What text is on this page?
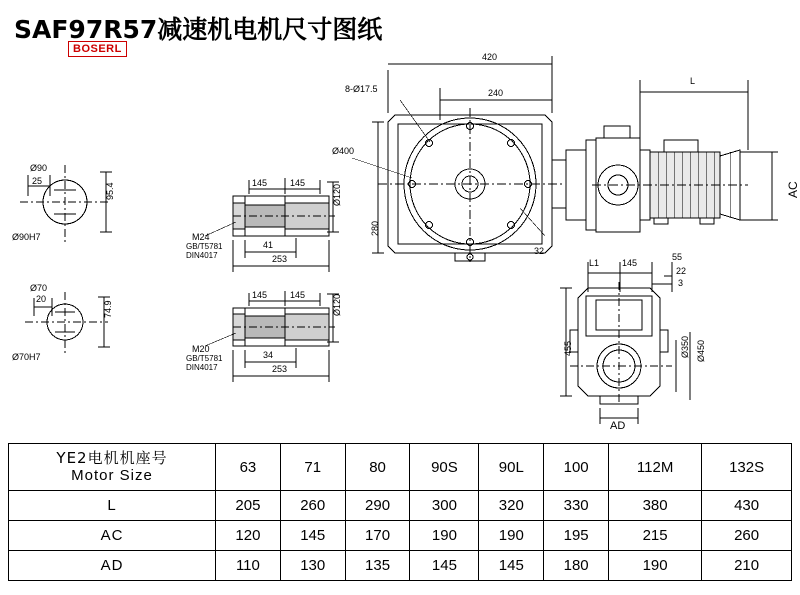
SAF97R57减速机电机尺寸图纸
BOSERL
420
8-Ø17.5	240
L
Ø400
280
AC
Ø90
Ø90H7
25
95.4
Ø70
Ø70H7
20
74.9
145	145
Ø120
M24
GB/T5781
DIN4017
41
253
145	145	Ø120
M20
GB/T5781
DIN4017
34
253
32
L1	145
55
22
3
455	Ø350 Ø450
AD
YE2电机机座号
Motor Size	63	71	80	90S	90L	100	112M	132S
L	205	260	290	300	320	330	380	430
AC	120	145	170	190	190	195	215	260
AD	110	130	135	145	145	180	190	210
